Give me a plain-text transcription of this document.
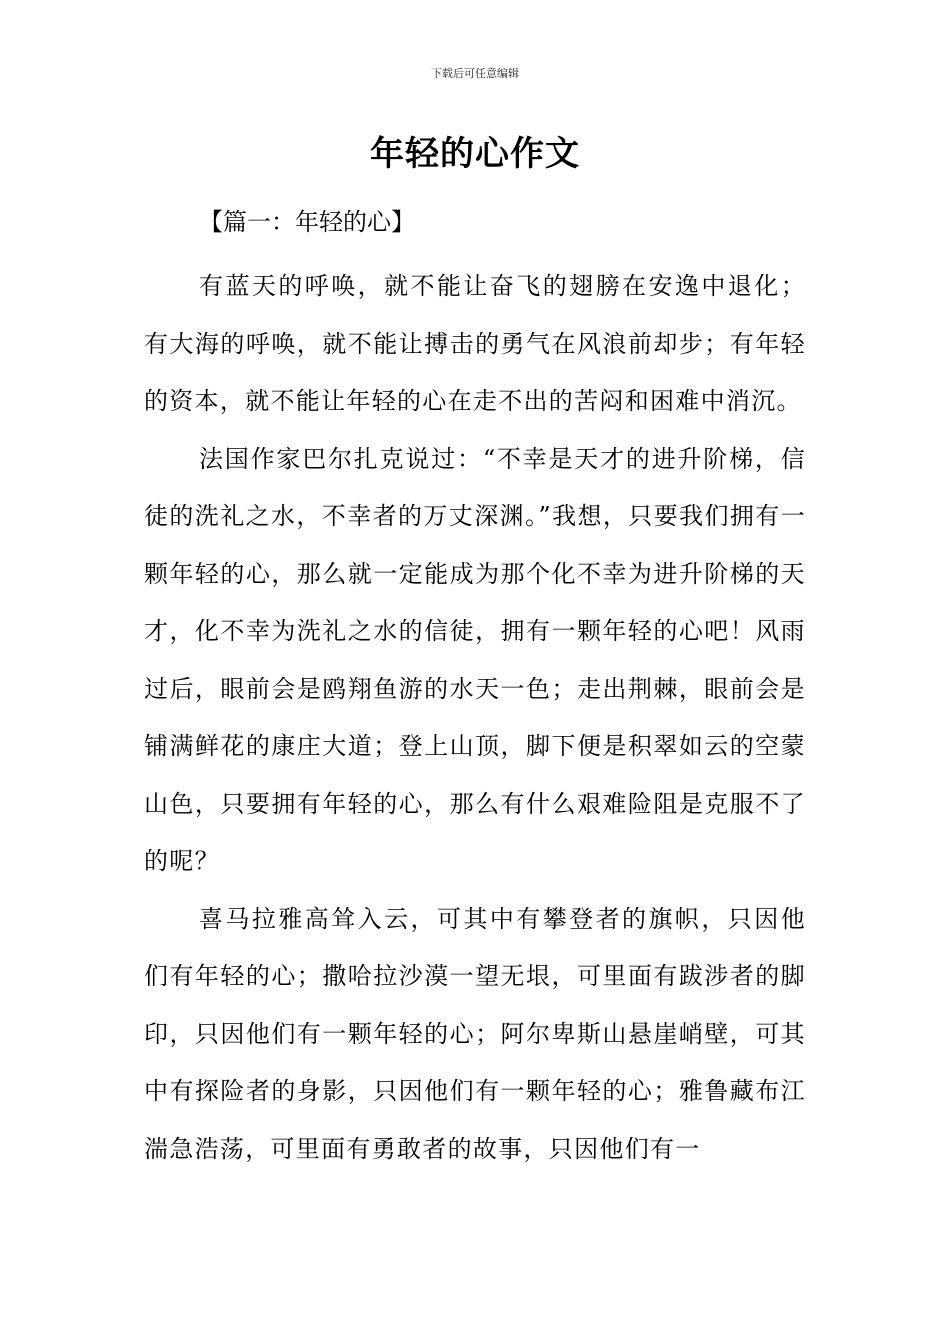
下载后可任意编辑
年轻的心作文
【篇一：年轻的心】

有蓝天的呼唤，就不能让奋飞的翅膀在安逸中退化；有大海的呼唤，就不能让搏击的勇气在风浪前却步；有年轻的资本，就不能让年轻的心在走不出的苦闷和困难中消沉。

法国作家巴尔扎克说过：“不幸是天才的进升阶梯，信徒的洗礼之水，不幸者的万丈深渊。”我想，只要我们拥有一颗年轻的心，那么就一定能成为那个化不幸为进升阶梯的天才，化不幸为洗礼之水的信徒，拥有一颗年轻的心吧！风雨过后，眼前会是鸥翔鱼游的水天一色；走出荆棘，眼前会是铺满鲜花的康庄大道；登上山顶，脚下便是积翠如云的空蒙山色，只要拥有年轻的心，那么有什么艰难险阻是克服不了的呢？

喜马拉雅高耸入云，可其中有攀登者的旗帜，只因他们有年轻的心；撒哈拉沙漠一望无垠，可里面有跋涉者的脚印，只因他们有一颗年轻的心；阿尔卑斯山悬崖峭壁，可其中有探险者的身影，只因他们有一颗年轻的心；雅鲁藏布江湍急浩荡，可里面有勇敢者的故事，只因他们有一
